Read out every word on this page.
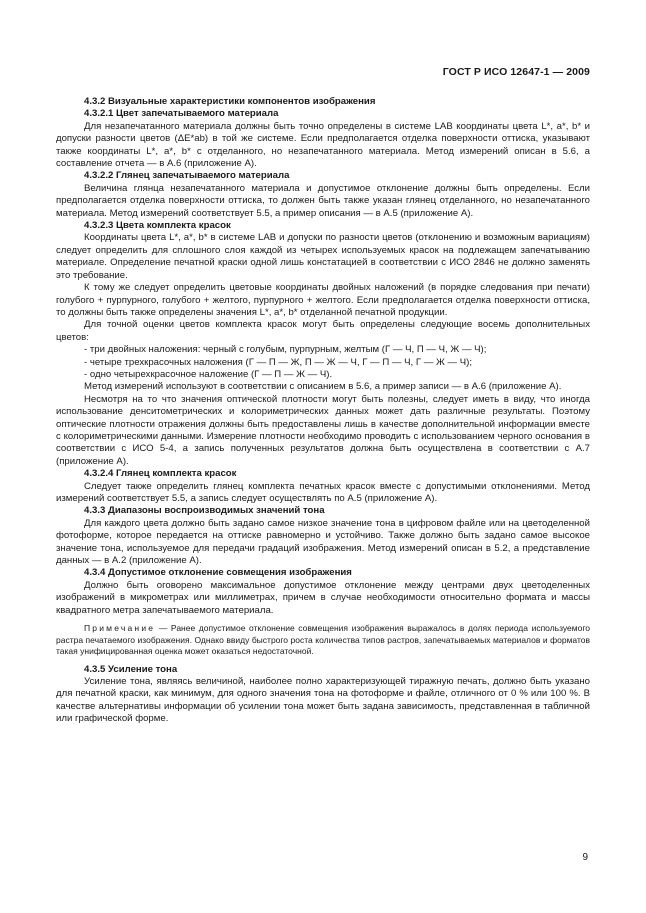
ГОСТ Р ИСО 12647-1 — 2009
4.3.2 Визуальные характеристики компонентов изображения
4.3.2.1 Цвет запечатываемого материала
Для незапечатанного материала должны быть точно определены в системе LAB координаты цвета L*, a*, b* и допуски разности цветов (ΔE*ab) в той же системе. Если предполагается отделка поверхности оттиска, указывают также координаты L*, a*, b* с отделанного, но незапечатанного материала. Метод измерений описан в 5.6, а составление отчета — в А.6 (приложение А).
4.3.2.2 Глянец запечатываемого материала
Величина глянца незапечатанного материала и допустимое отклонение должны быть определены. Если предполагается отделка поверхности оттиска, то должен быть также указан глянец отделанного, но незапечатанного материала. Метод измерений соответствует 5.5, а пример описания — в А.5 (приложение А).
4.3.2.3 Цвета комплекта красок
Координаты цвета L*, a*, b* в системе LAB и допуски по разности цветов (отклонению и возможным вариациям) следует определить для сплошного слоя каждой из четырех используемых красок на подлежащем запечатыванию материале. Определение печатной краски одной лишь констатацией в соответствии с ИСО 2846 не должно заменять это требование.
К тому же следует определить цветовые координаты двойных наложений (в порядке следования при печати) голубого + пурпурного, голубого + желтого, пурпурного + желтого. Если предполагается отделка поверхности оттиска, то должны быть также определены значения L*, a*, b* отделанной печатной продукции.
Для точной оценки цветов комплекта красок могут быть определены следующие восемь дополнительных цветов:
- три двойных наложения: черный с голубым, пурпурным, желтым (Г — Ч, П — Ч, Ж — Ч);
- четыре трехкрасочных наложения (Г — П — Ж, П — Ж — Ч, Г — П — Ч, Г — Ж — Ч);
- одно четырехкрасочное наложение (Г — П — Ж — Ч).
Метод измерений используют в соответствии с описанием в 5.6, а пример записи — в А.6 (приложение А).
Несмотря на то что значения оптической плотности могут быть полезны, следует иметь в виду, что иногда использование денситометрических и колориметрических данных может дать различные результаты. Поэтому оптические плотности отражения должны быть предоставлены лишь в качестве дополнительной информации вместе с колориметрическими данными. Измерение плотности необходимо проводить с использованием черного основания в соответствии с ИСО 5-4, а запись полученных результатов должна быть осуществлена в соответствии с А.7 (приложение А).
4.3.2.4 Глянец комплекта красок
Следует также определить глянец комплекта печатных красок вместе с допустимыми отклонениями. Метод измерений соответствует 5.5, а запись следует осуществлять по А.5 (приложение А).
4.3.3 Диапазоны воспроизводимых значений тона
Для каждого цвета должно быть задано самое низкое значение тона в цифровом файле или на цветоделенной фотоформе, которое передается на оттиске равномерно и устойчиво. Также должно быть задано самое высокое значение тона, используемое для передачи градаций изображения. Метод измерений описан в 5.2, а представление данных — в А.2 (приложение А).
4.3.4 Допустимое отклонение совмещения изображения
Должно быть оговорено максимальное допустимое отклонение между центрами двух цветоделенных изображений в микрометрах или миллиметрах, причем в случае необходимости относительно формата и массы квадратного метра запечатываемого материала.
Примечание — Ранее допустимое отклонение совмещения изображения выражалось в долях периода используемого растра печатаемого изображения. Однако ввиду быстрого роста количества типов растров, запечатываемых материалов и форматов такая унифицированная оценка может оказаться недостаточной.
4.3.5 Усиление тона
Усиление тона, являясь величиной, наиболее полно характеризующей тиражную печать, должно быть указано для печатной краски, как минимум, для одного значения тона на фотоформе и файле, отличного от 0 % или 100 %. В качестве альтернативы информации об усилении тона может быть задана зависимость, представленная в табличной или графической форме.
9
